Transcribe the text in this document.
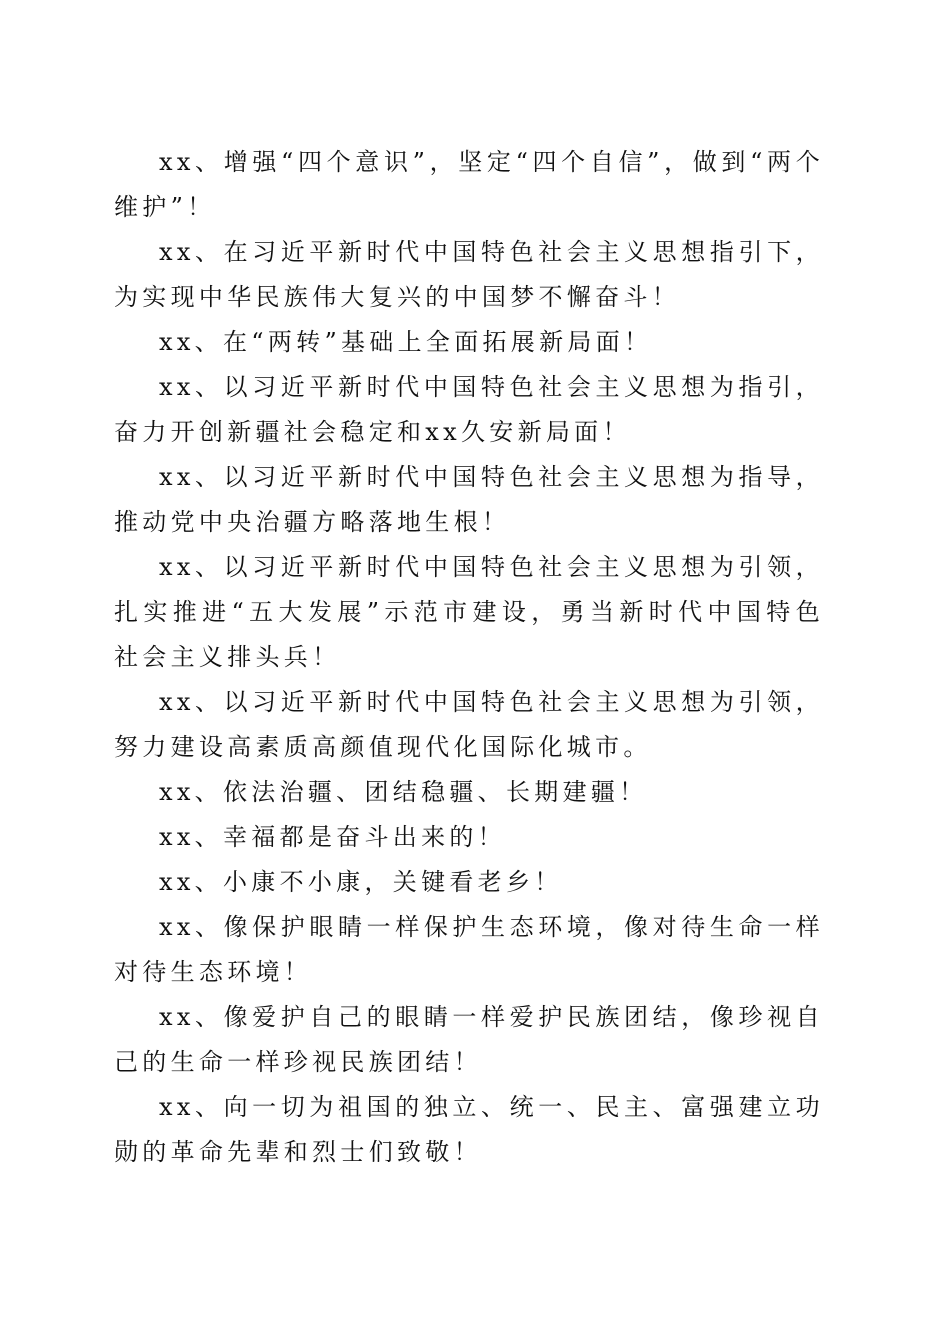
xx、增强“四个意识”，坚定“四个自信”，做到“两个维护”！

xx、在习近平新时代中国特色社会主义思想指引下，为实现中华民族伟大复兴的中国梦不懈奋斗！

xx、在“两转”基础上全面拓展新局面！

xx、以习近平新时代中国特色社会主义思想为指引，奋力开创新疆社会稳定和xx久安新局面！

xx、以习近平新时代中国特色社会主义思想为指导，推动党中央治疆方略落地生根！

xx、以习近平新时代中国特色社会主义思想为引领，扎实推进“五大发展”示范市建设，勇当新时代中国特色社会主义排头兵！

xx、以习近平新时代中国特色社会主义思想为引领，努力建设高素质高颜值现代化国际化城市。

xx、依法治疆、团结稳疆、长期建疆！

xx、幸福都是奋斗出来的！

xx、小康不小康，关键看老乡！

xx、像保护眼睛一样保护生态环境，像对待生命一样对待生态环境！

xx、像爱护自己的眼睛一样爱护民族团结，像珍视自己的生命一样珍视民族团结！

xx、向一切为祖国的独立、统一、民主、富强建立功勋的革命先辈和烈士们致敬！
